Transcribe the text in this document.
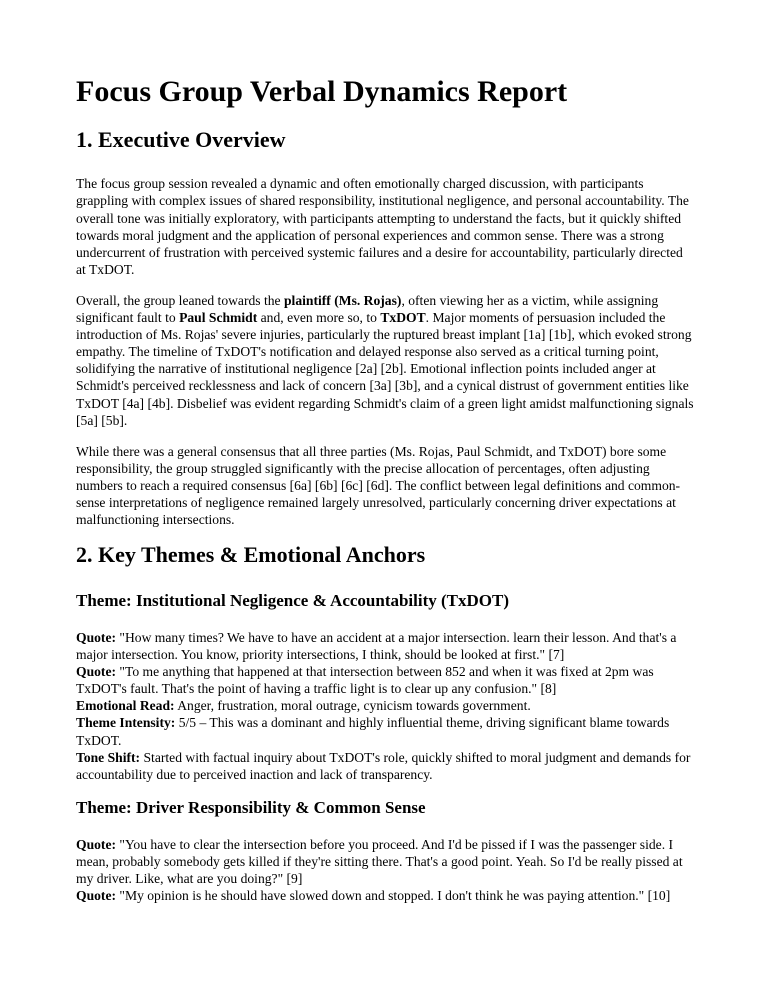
Focus Group Verbal Dynamics Report
1. Executive Overview

The focus group session revealed a dynamic and often emotionally charged discussion, with participants grappling with complex issues of shared responsibility, institutional negligence, and personal accountability. The overall tone was initially exploratory, with participants attempting to understand the facts, but it quickly shifted towards moral judgment and the application of personal experiences and common sense. There was a strong undercurrent of frustration with perceived systemic failures and a desire for accountability, particularly directed at TxDOT.

Overall, the group leaned towards the plaintiff (Ms. Rojas), often viewing her as a victim, while assigning significant fault to Paul Schmidt and, even more so, to TxDOT. Major moments of persuasion included the introduction of Ms. Rojas' severe injuries, particularly the ruptured breast implant [1a] [1b], which evoked strong empathy. The timeline of TxDOT's notification and delayed response also served as a critical turning point, solidifying the narrative of institutional negligence [2a] [2b]. Emotional inflection points included anger at Schmidt's perceived recklessness and lack of concern [3a] [3b], and a cynical distrust of government entities like TxDOT [4a] [4b]. Disbelief was evident regarding Schmidt's claim of a green light amidst malfunctioning signals [5a] [5b].

While there was a general consensus that all three parties (Ms. Rojas, Paul Schmidt, and TxDOT) bore some responsibility, the group struggled significantly with the precise allocation of percentages, often adjusting numbers to reach a required consensus [6a] [6b] [6c] [6d]. The conflict between legal definitions and common-sense interpretations of negligence remained largely unresolved, particularly concerning driver expectations at malfunctioning intersections.

2. Key Themes & Emotional Anchors
Theme: Institutional Negligence & Accountability (TxDOT)
Quote: "How many times? We have to have an accident at a major intersection. learn their lesson. And that's a major intersection. You know, priority intersections, I think, should be looked at first." [7]
Quote: "To me anything that happened at that intersection between 852 and when it was fixed at 2pm was TxDOT's fault. That's the point of having a traffic light is to clear up any confusion." [8]
Emotional Read: Anger, frustration, moral outrage, cynicism towards government.
Theme Intensity: 5/5 – This was a dominant and highly influential theme, driving significant blame towards TxDOT.
Tone Shift: Started with factual inquiry about TxDOT's role, quickly shifted to moral judgment and demands for accountability due to perceived inaction and lack of transparency.
Theme: Driver Responsibility & Common Sense
Quote: "You have to clear the intersection before you proceed. And I'd be pissed if I was the passenger side. I mean, probably somebody gets killed if they're sitting there. That's a good point. Yeah. So I'd be really pissed at my driver. Like, what are you doing?" [9]
Quote: "My opinion is he should have slowed down and stopped. I don't think he was paying attention." [10]
